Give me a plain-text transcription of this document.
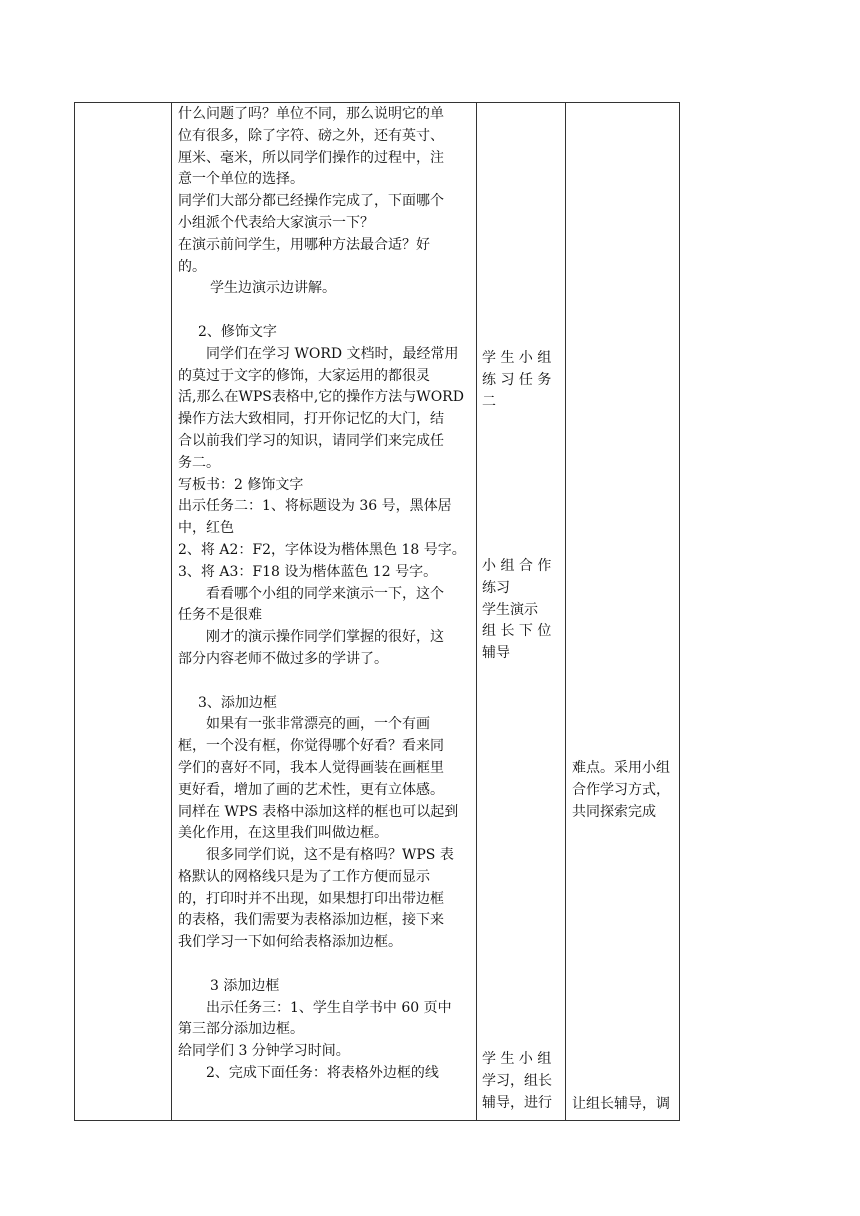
什么问题了吗？单位不同，那么说明它的单

位有很多，除了字符、磅之外，还有英寸、

厘米、毫米，所以同学们操作的过程中，注

意一个单位的选择。

同学们大部分都已经操作完成了，下面哪个

小组派个代表给大家演示一下？

在演示前问学生，用哪种方法最合适？好

的。

学生边演示边讲解。

2、修饰文字

同学们在学习 WORD 文档时，最经常用

的莫过于文字的修饰，大家运用的都很灵

活,那么在WPS表格中,它的操作方法与WORD

操作方法大致相同，打开你记忆的大门，结

合以前我们学习的知识，请同学们来完成任

务二。

写板书：2 修饰文字

出示任务二：1、将标题设为 36 号，黑体居

中，红色

2、将 A2：F2，字体设为楷体黑色 18 号字。

3、将 A3：F18 设为楷体蓝色 12 号字。

看看哪个小组的同学来演示一下，这个

任务不是很难

刚才的演示操作同学们掌握的很好，这

部分内容老师不做过多的学讲了。

3、添加边框

如果有一张非常漂亮的画，一个有画

框，一个没有框，你觉得哪个好看？看来同

学们的喜好不同，我本人觉得画装在画框里

更好看，增加了画的艺术性，更有立体感。

同样在 WPS 表格中添加这样的框也可以起到

美化作用，在这里我们叫做边框。

很多同学们说，这不是有格吗？WPS 表

格默认的网格线只是为了工作方便而显示

的，打印时并不出现，如果想打印出带边框

的表格，我们需要为表格添加边框，接下来

我们学习一下如何给表格添加边框。

3 添加边框

出示任务三：1、学生自学书中 60 页中

第三部分添加边框。

给同学们 3 分钟学习时间。

2、完成下面任务：将表格外边框的线

学 生 小 组

练 习 任 务

二

小 组 合 作

练习

学生演示

组 长 下 位

辅导

学 生 小 组

学习，组长

辅导，进行

难点。采用小组

合作学习方式，

共同探索完成

让组长辅导，调
